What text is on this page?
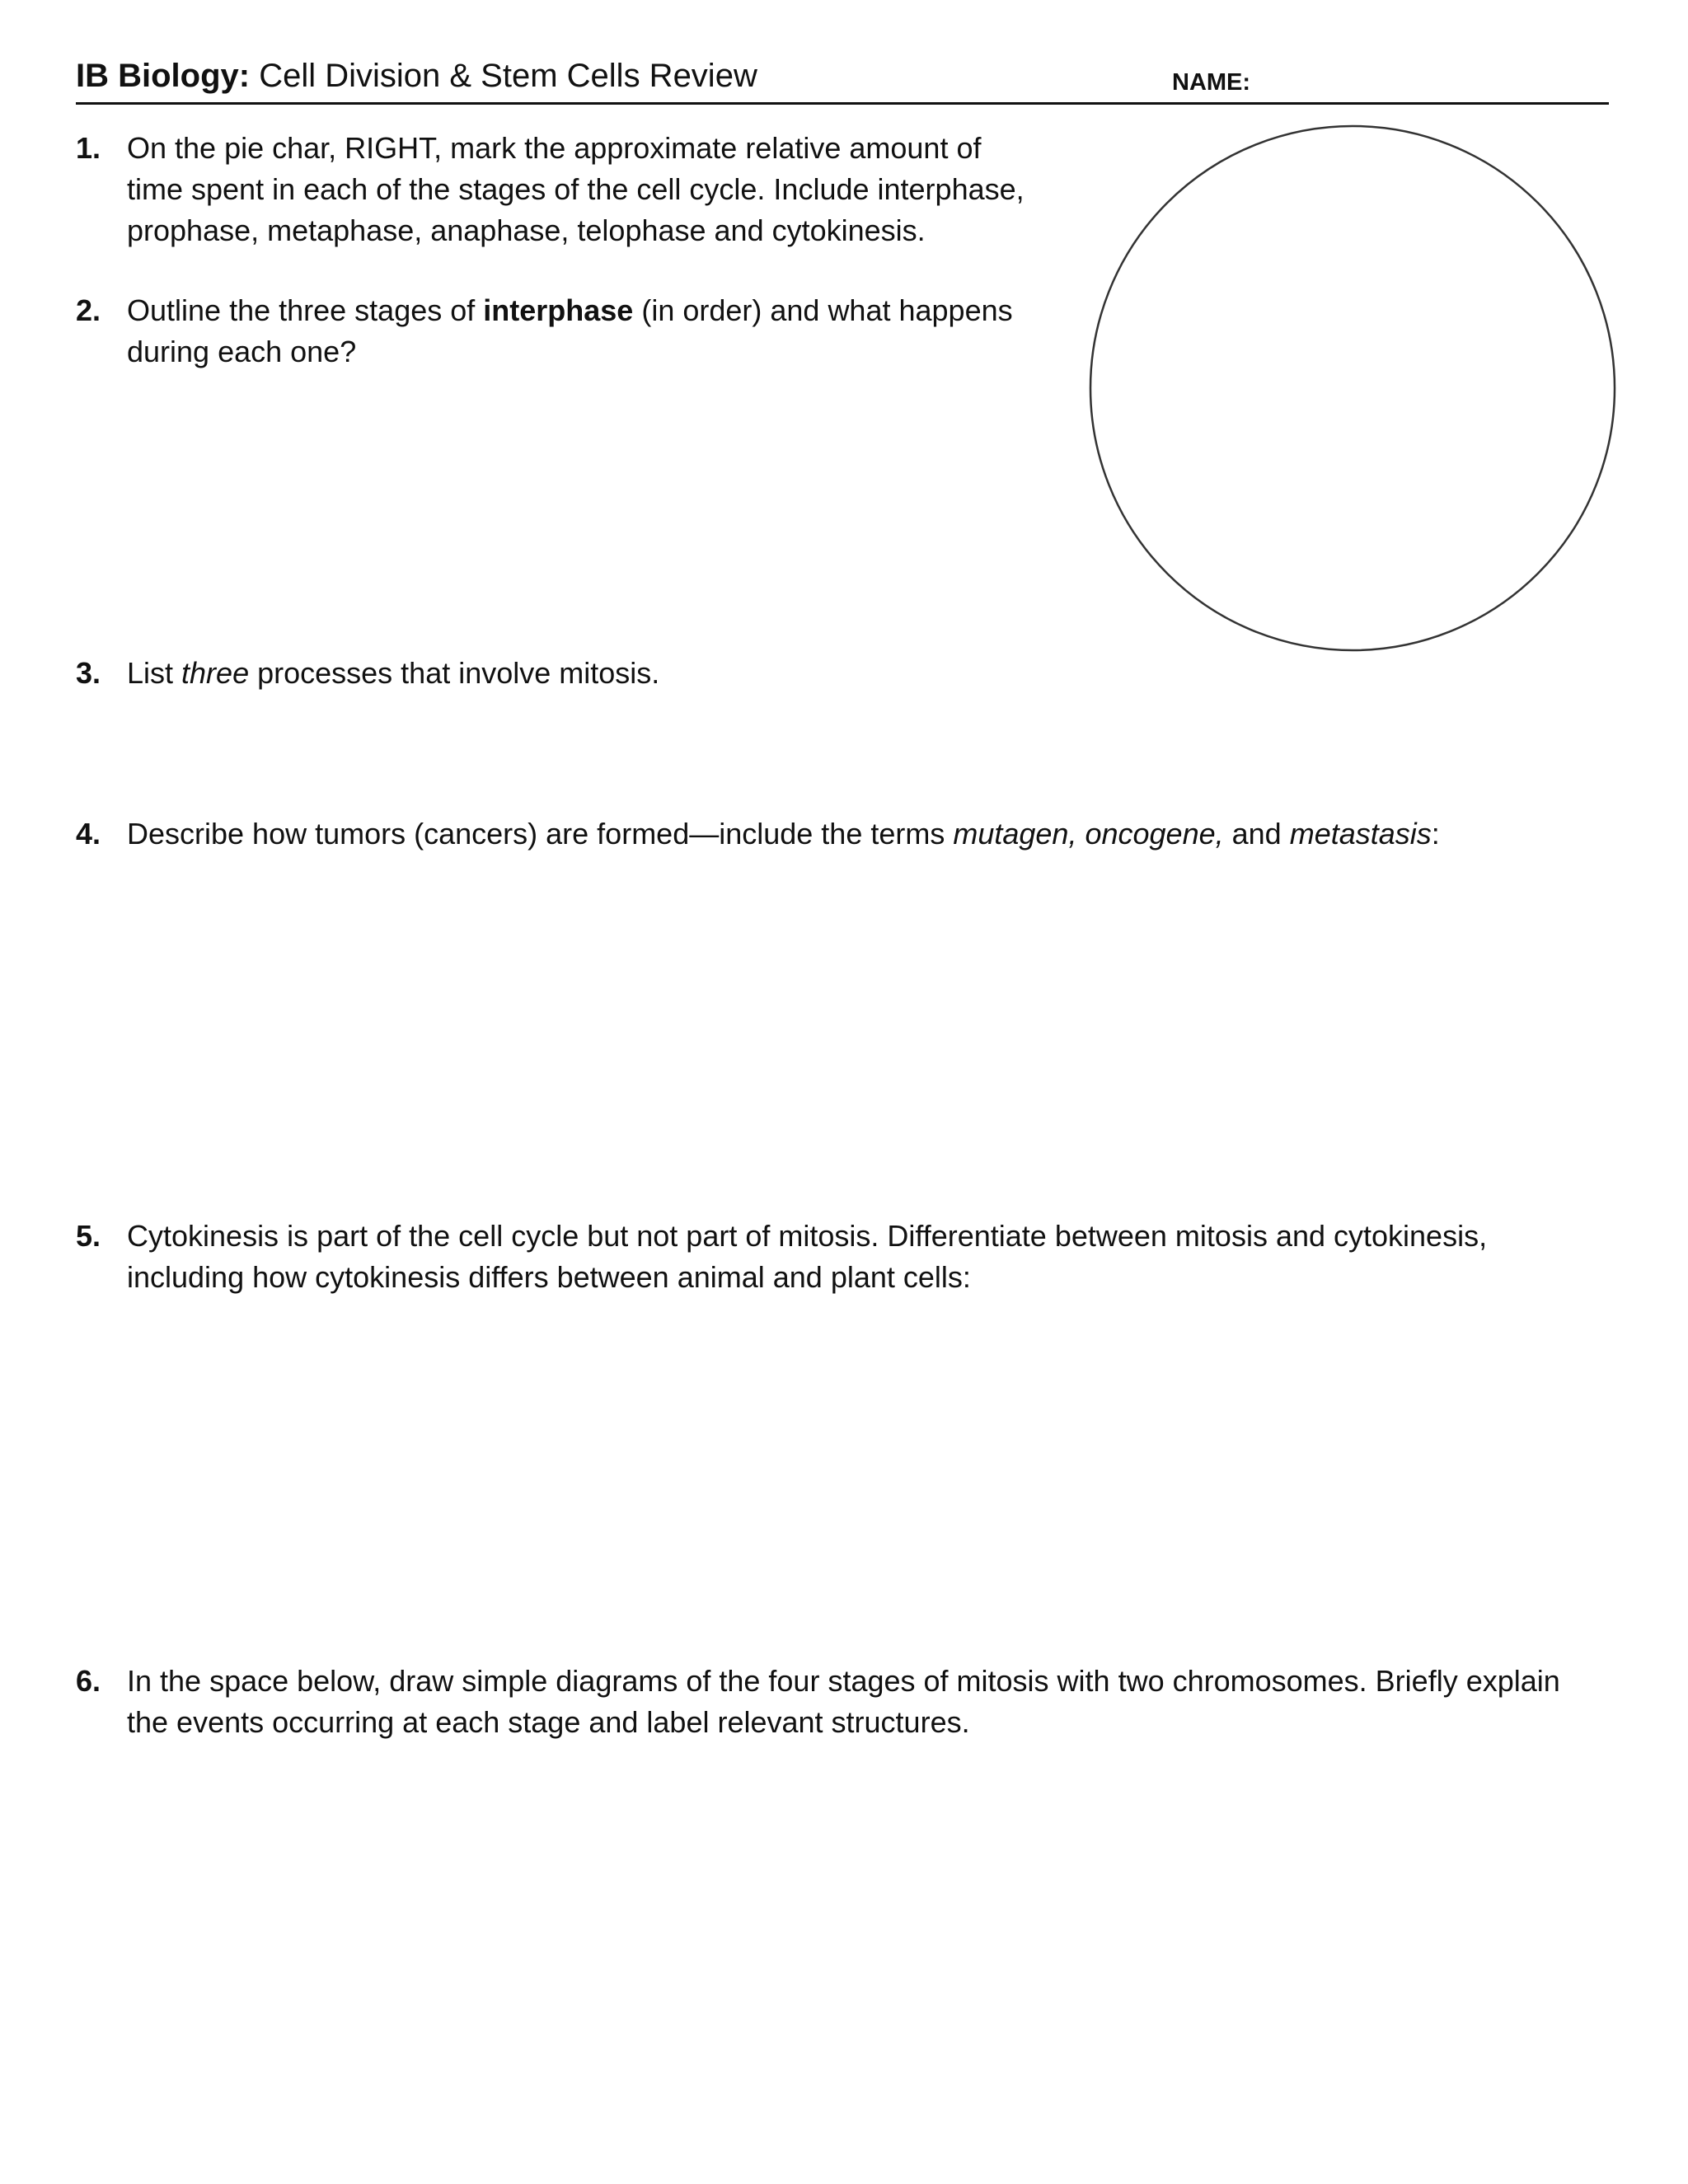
IB Biology: Cell Division & Stem Cells Review	NAME:
1. On the pie char, RIGHT, mark the approximate relative amount of
time spent in each of the stages of the cell cycle. Include interphase,
prophase, metaphase, anaphase, telophase and cytokinesis.
2. Outline the three stages of interphase (in order) and what happens
during each one?
3. List three processes that involve mitosis.
4. Describe how tumors (cancers) are formed—include the terms mutagen, oncogene, and metastasis:
5. Cytokinesis is part of the cell cycle but not part of mitosis. Differentiate between mitosis and cytokinesis,
including how cytokinesis differs between animal and plant cells:
6. In the space below, draw simple diagrams of the four stages of mitosis with two chromosomes. Briefly explain
the events occurring at each stage and label relevant structures.
